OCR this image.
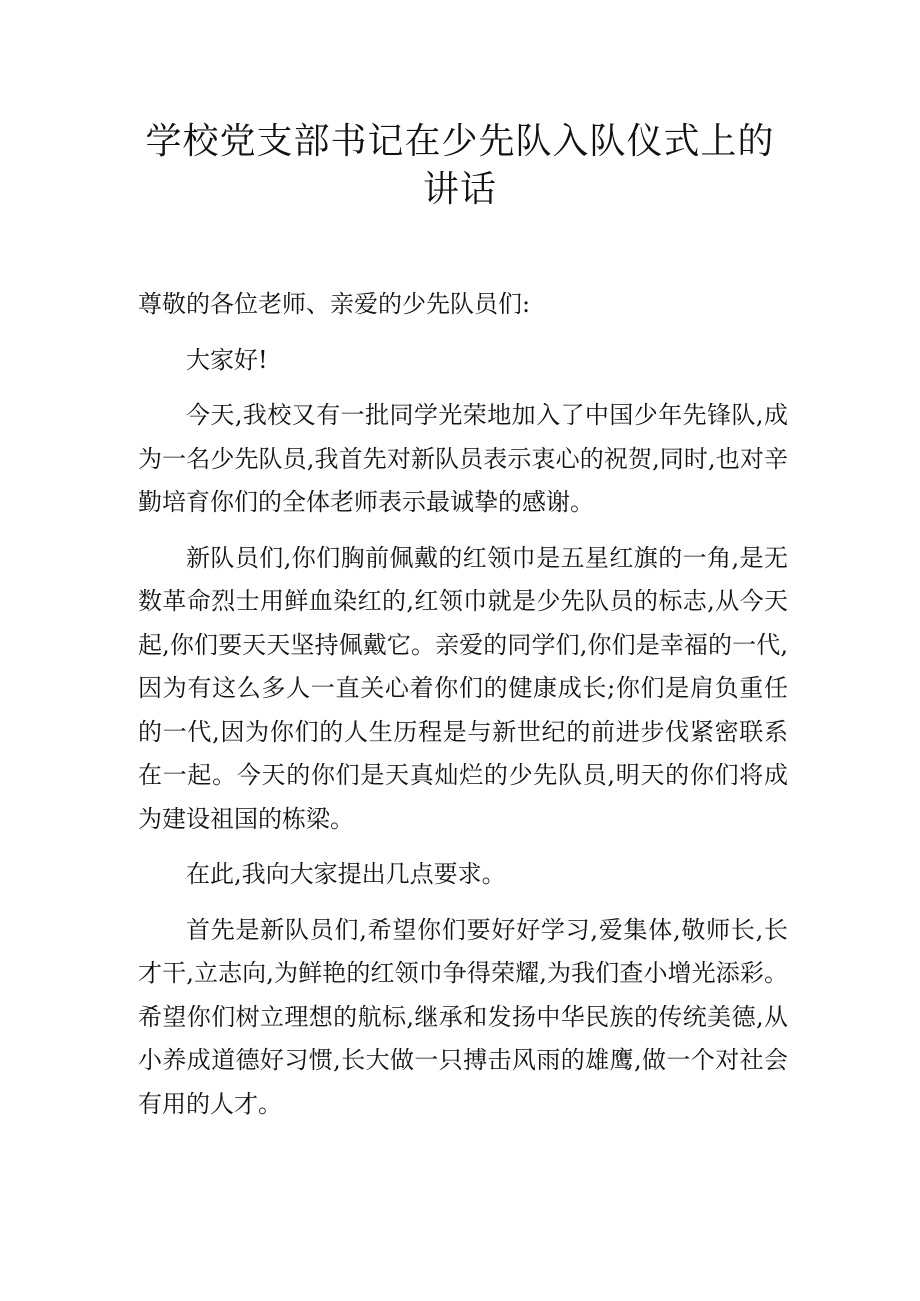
学校党支部书记在少先队入队仪式上的讲话

尊敬的各位老师、亲爱的少先队员们:

大家好!

今天,我校又有一批同学光荣地加入了中国少年先锋队,成为一名少先队员,我首先对新队员表示衷心的祝贺,同时,也对辛勤培育你们的全体老师表示最诚挚的感谢。

新队员们,你们胸前佩戴的红领巾是五星红旗的一角,是无数革命烈士用鲜血染红的,红领巾就是少先队员的标志,从今天起,你们要天天坚持佩戴它。亲爱的同学们,你们是幸福的一代,因为有这么多人一直关心着你们的健康成长;你们是肩负重任的一代,因为你们的人生历程是与新世纪的前进步伐紧密联系在一起。今天的你们是天真灿烂的少先队员,明天的你们将成为建设祖国的栋梁。

在此,我向大家提出几点要求。

首先是新队员们,希望你们要好好学习,爱集体,敬师长,长才干,立志向,为鲜艳的红领巾争得荣耀,为我们查小增光添彩。希望你们树立理想的航标,继承和发扬中华民族的传统美德,从小养成道德好习惯,长大做一只搏击风雨的雄鹰,做一个对社会有用的人才。
